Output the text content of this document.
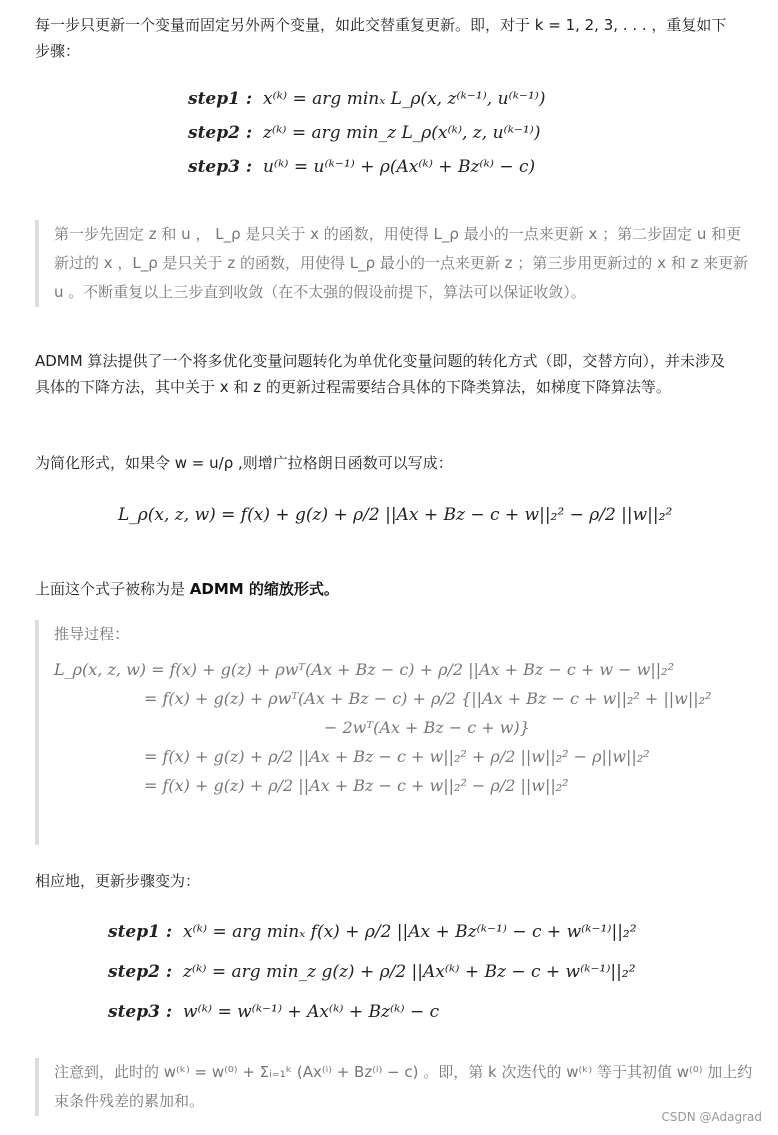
每一步只更新一个变量而固定另外两个变量，如此交替重复更新。即，对于 k = 1, 2, 3, . . . ，重复如下步骤：
step1 : x⁽ᵏ⁾ = arg minₓ L_ρ(x, z⁽ᵏ⁻¹⁾, u⁽ᵏ⁻¹⁾)
step2 : z⁽ᵏ⁾ = arg min_z L_ρ(x⁽ᵏ⁾, z, u⁽ᵏ⁻¹⁾)
step3 : u⁽ᵏ⁾ = u⁽ᵏ⁻¹⁾ + ρ(Ax⁽ᵏ⁾ + Bz⁽ᵏ⁾ − c)
第一步先固定 z 和 u ， L_ρ 是只关于 x 的函数，用使得 L_ρ 最小的一点来更新 x ；第二步固定 u 和更新过的 x ，L_ρ 是只关于 z 的函数，用使得 L_ρ 最小的一点来更新 z ；第三步用更新过的 x 和 z 来更新 u 。不断重复以上三步直到收敛（在不太强的假设前提下，算法可以保证收敛）。
ADMM 算法提供了一个将多优化变量问题转化为单优化变量问题的转化方式（即，交替方向），并未涉及具体的下降方法，其中关于 x 和 z 的更新过程需要结合具体的下降类算法，如梯度下降算法等。
为简化形式，如果令 w = u/ρ ,则增广拉格朗日函数可以写成：
L_ρ(x, z, w) = f(x) + g(z) + ρ/2 ||Ax + Bz − c + w||₂² − ρ/2 ||w||₂²
上面这个式子被称为是 ADMM 的缩放形式。
推导过程：
L_ρ(x, z, w) = f(x) + g(z) + ρwᵀ(Ax + Bz − c) + ρ/2 ||Ax + Bz − c + w − w||₂²
= f(x) + g(z) + ρwᵀ(Ax + Bz − c) + ρ/2 {||Ax + Bz − c + w||₂² + ||w||₂²
− 2wᵀ(Ax + Bz − c + w)}
= f(x) + g(z) + ρ/2 ||Ax + Bz − c + w||₂² + ρ/2 ||w||₂² − ρ||w||₂²
= f(x) + g(z) + ρ/2 ||Ax + Bz − c + w||₂² − ρ/2 ||w||₂²
相应地，更新步骤变为：
step1 : x⁽ᵏ⁾ = arg minₓ f(x) + ρ/2 ||Ax + Bz⁽ᵏ⁻¹⁾ − c + w⁽ᵏ⁻¹⁾||₂²
step2 : z⁽ᵏ⁾ = arg min_z g(z) + ρ/2 ||Ax⁽ᵏ⁾ + Bz − c + w⁽ᵏ⁻¹⁾||₂²
step3 : w⁽ᵏ⁾ = w⁽ᵏ⁻¹⁾ + Ax⁽ᵏ⁾ + Bz⁽ᵏ⁾ − c
注意到，此时的 w⁽ᵏ⁾ = w⁽⁰⁾ + Σᵢ₌₁ᵏ (Ax⁽ⁱ⁾ + Bz⁽ⁱ⁾ − c) 。即，第 k 次迭代的 w⁽ᵏ⁾ 等于其初值 w⁽⁰⁾ 加上约束条件残差的累加和。
CSDN @Adagrad
